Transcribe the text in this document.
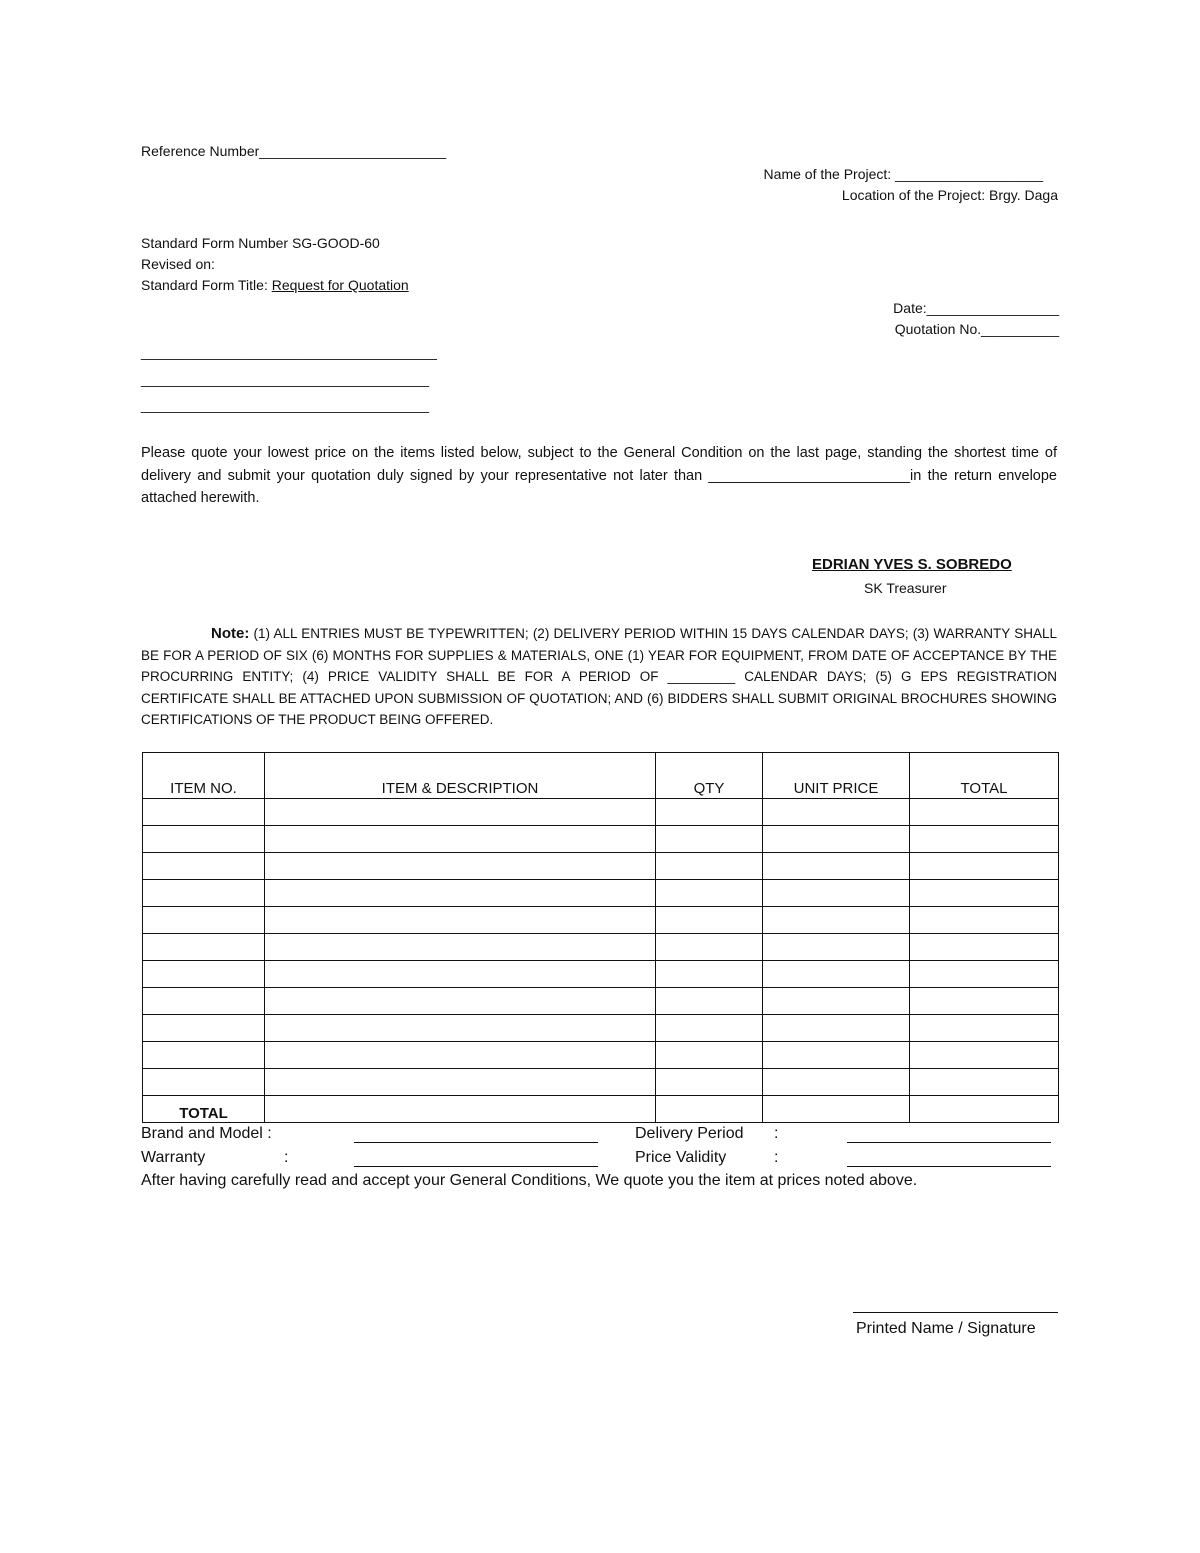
Reference Number________________________
Name of the Project: ___________________
Location of the Project: Brgy. Daga
Standard Form Number SG-GOOD-60
Revised on:
Standard Form Title: Request for Quotation
Date:_________________
Quotation No.__________
______________________________________
_____________________________________
_____________________________________
Please quote your lowest price on the items listed below, subject to the General Condition on the last page, standing the shortest time of delivery and submit your quotation duly signed by your representative not later than _________________________in the return envelope attached herewith.
EDRIAN YVES S. SOBREDO
SK Treasurer
Note: (1) ALL ENTRIES MUST BE TYPEWRITTEN; (2) DELIVERY PERIOD WITHIN 15 DAYS CALENDAR DAYS; (3) WARRANTY SHALL BE FOR A PERIOD OF SIX (6) MONTHS FOR SUPPLIES & MATERIALS, ONE (1) YEAR FOR EQUIPMENT, FROM DATE OF ACCEPTANCE BY THE PROCURRING ENTITY; (4) PRICE VALIDITY SHALL BE FOR A PERIOD OF _________ CALENDAR DAYS; (5) G EPS REGISTRATION CERTIFICATE SHALL BE ATTACHED UPON SUBMISSION OF QUOTATION; AND (6) BIDDERS SHALL SUBMIT ORIGINAL BROCHURES SHOWING CERTIFICATIONS OF THE PRODUCT BEING OFFERED.
ITEM NO.	ITEM & DESCRIPTION	QTY	UNIT PRICE	TOTAL

TOTAL				
Brand and Model :	Delivery Period :
Warranty	:	Price Validity	:
After having carefully read and accept your General Conditions, We quote you the item at prices noted above.
Printed Name / Signature
